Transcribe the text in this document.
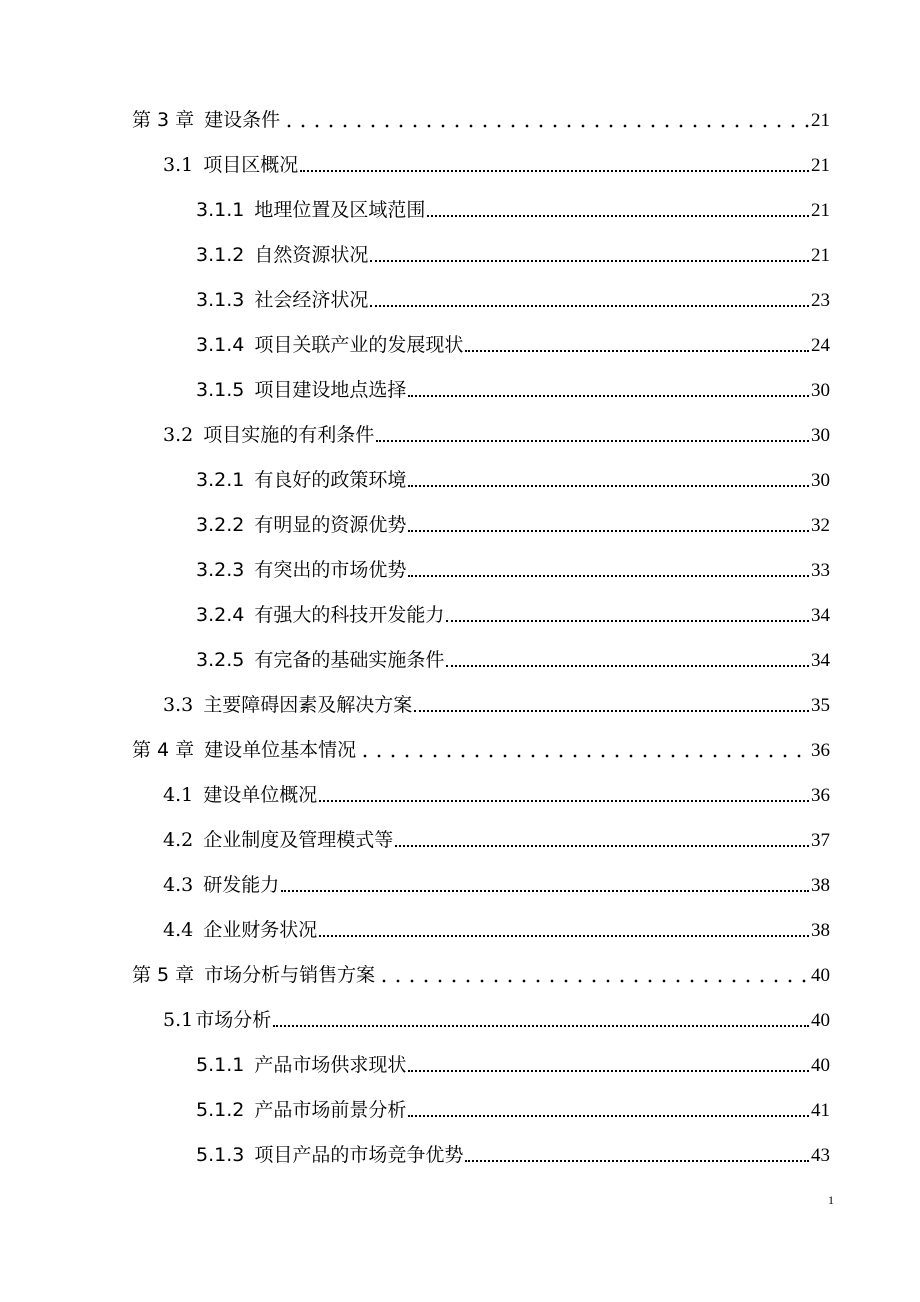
第 3 章 建设条件	21
3.1 项目区概况	21
3.1.1 地理位置及区域范围	21
3.1.2 自然资源状况	21
3.1.3 社会经济状况	23
3.1.4 项目关联产业的发展现状	24
3.1.5 项目建设地点选择	30
3.2 项目实施的有利条件	30
3.2.1 有良好的政策环境	30
3.2.2 有明显的资源优势	32
3.2.3 有突出的市场优势	33
3.2.4 有强大的科技开发能力	34
3.2.5 有完备的基础实施条件	34
3.3 主要障碍因素及解决方案	35
第 4 章 建设单位基本情况	36
4.1 建设单位概况	36
4.2 企业制度及管理模式等	37
4.3 研发能力	38
4.4 企业财务状况	38
第 5 章 市场分析与销售方案	40
5.1 市场分析	40
5.1.1 产品市场供求现状	40
5.1.2 产品市场前景分析	41
5.1.3 项目产品的市场竞争优势	43
1
